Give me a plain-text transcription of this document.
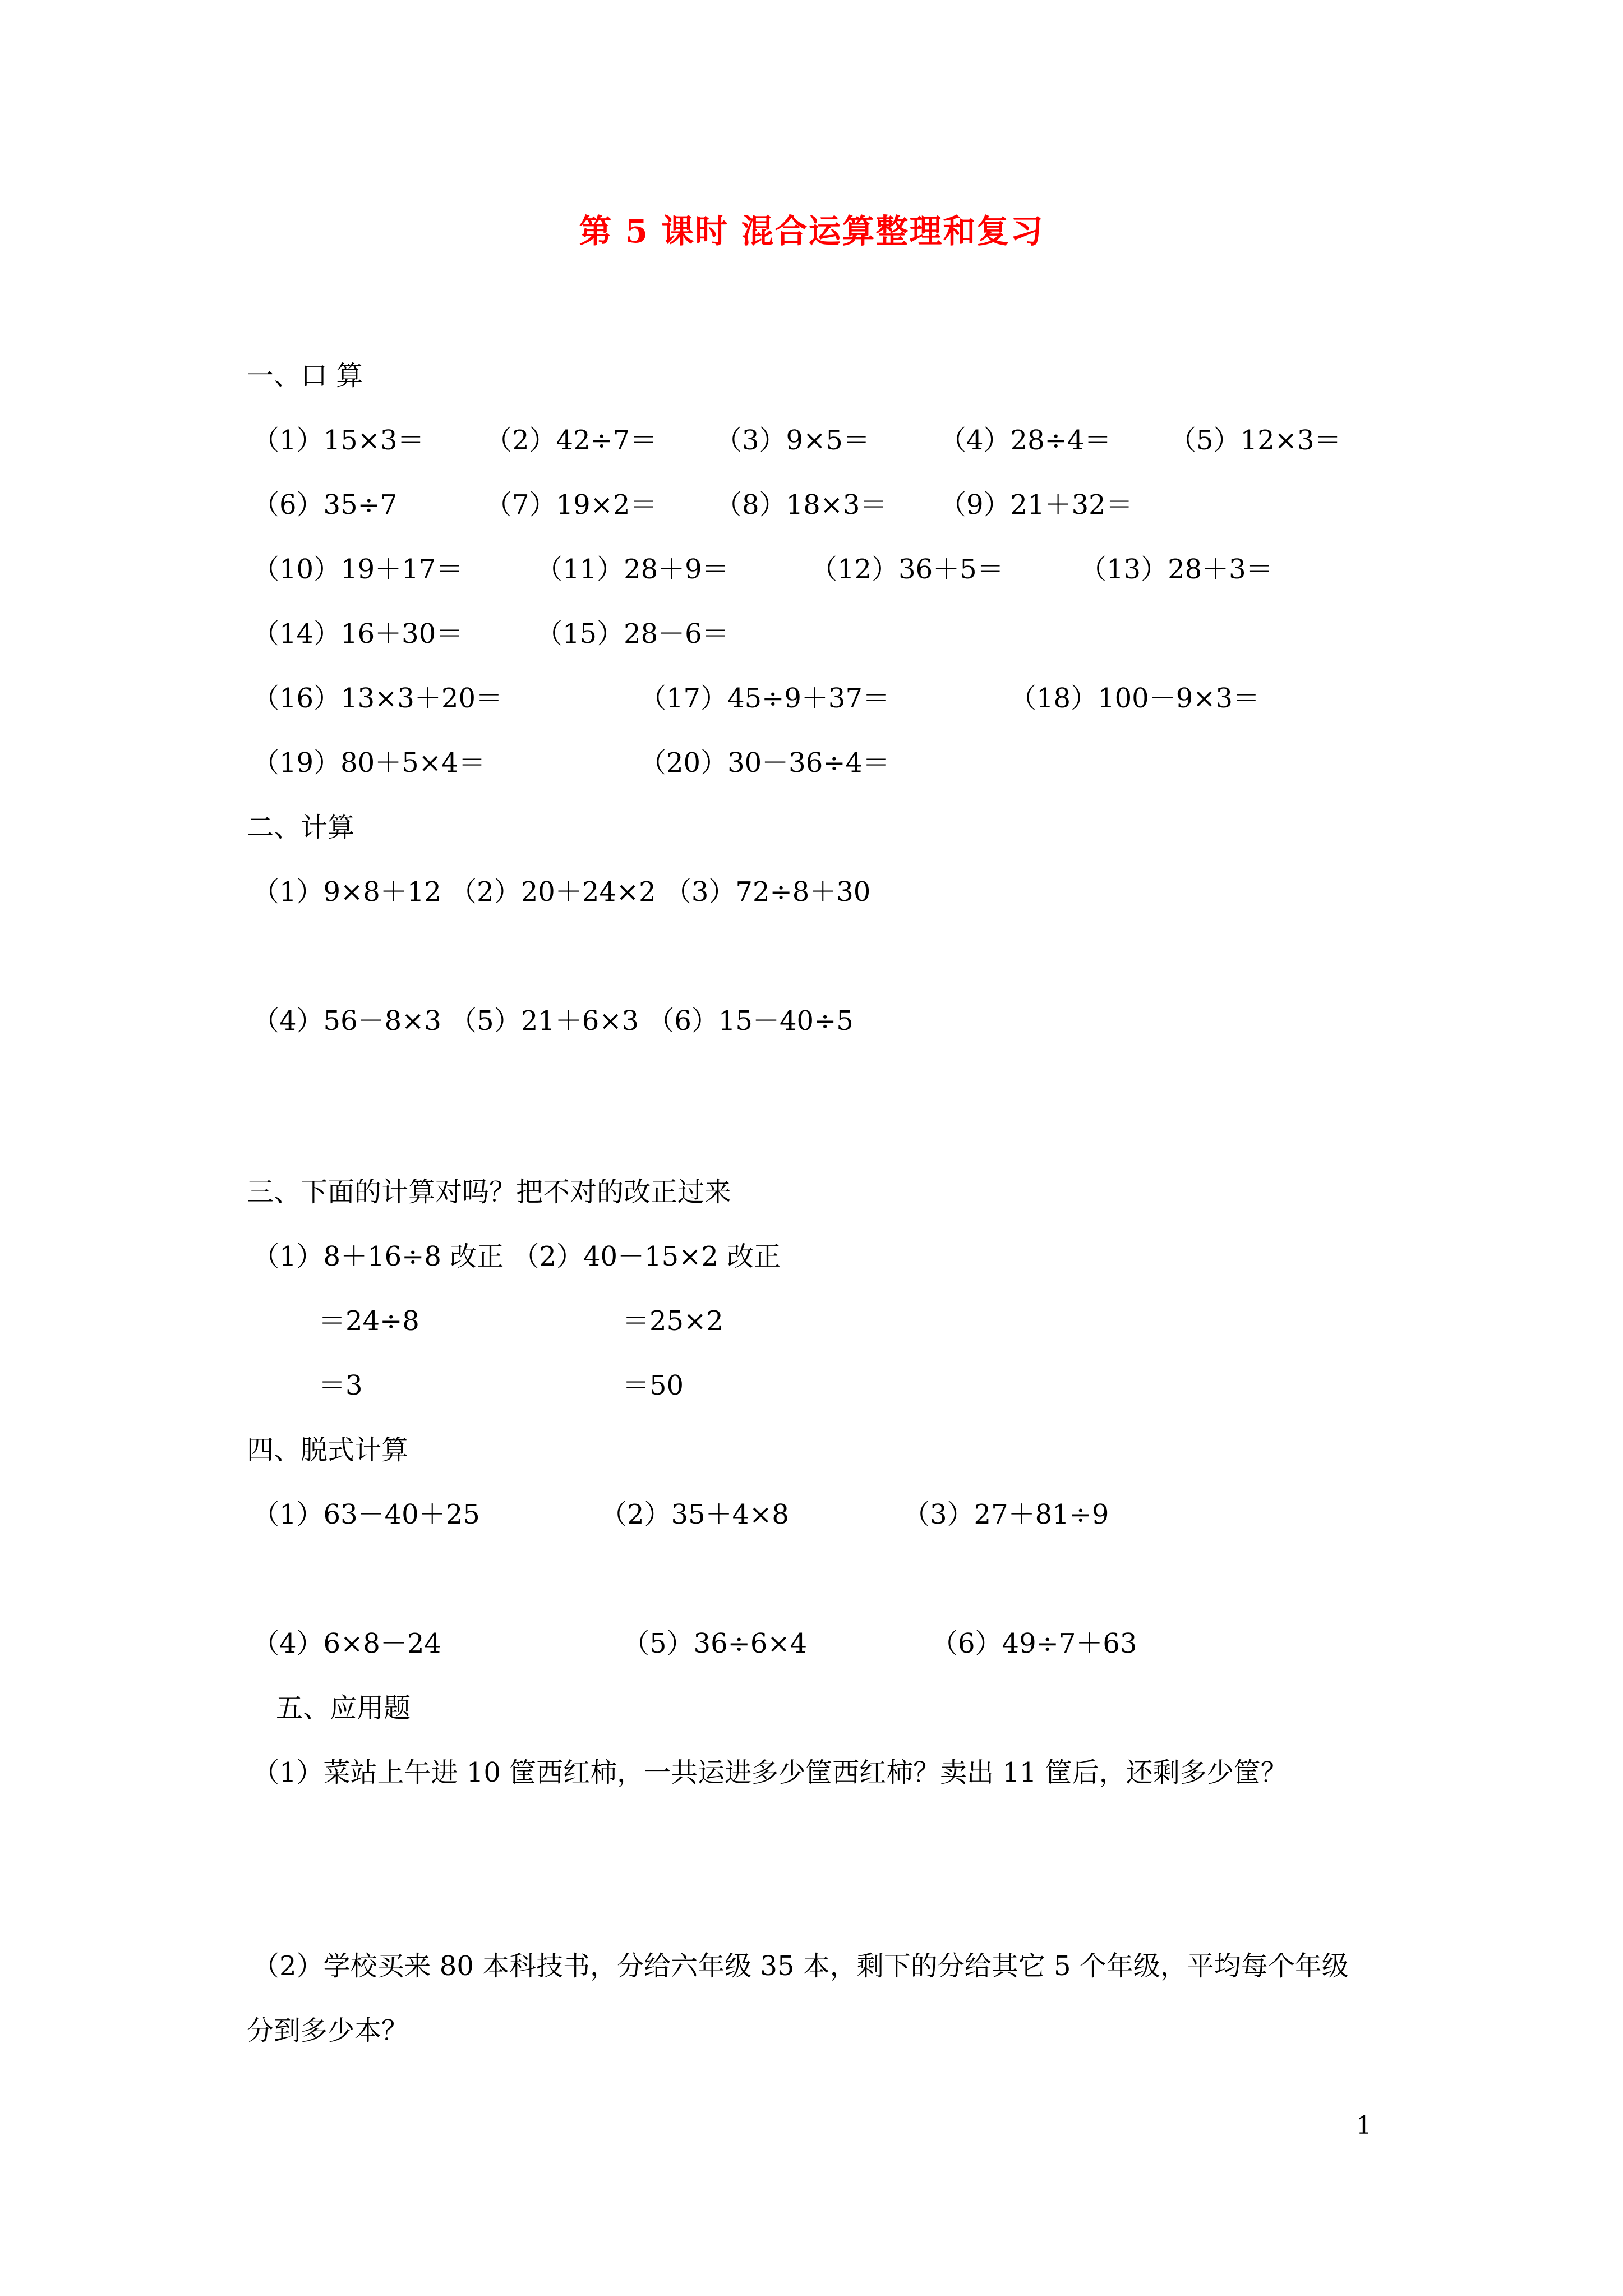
第 5 课时 混合运算整理和复习
一、口 算
（1）15×3＝ （2）42÷7＝ （3）9×5＝	（4）28÷4＝ （5）12×3＝
（6）35÷7	（7）19×2＝ （8）18×3＝ （9）21＋32＝
（10）19＋17＝	（11）28＋9＝	（12）36＋5＝	（13）28＋3＝
（14）16＋30＝	（15）28－6＝
（16）13×3＋20＝	（17）45÷9＋37＝	（18）100－9×3＝
（19）80＋5×4＝	（20）30－36÷4＝
二、计算
（1）9×8＋12 （2）20＋24×2 （3）72÷8＋30
（4）56－8×3 （5）21＋6×3 （6）15－40÷5
三、下面的计算对吗？把不对的改正过来
（1）8＋16÷8 改正 （2）40－15×2 改正
＝24÷8	＝25×2
＝3	＝50
四、脱式计算
（1）63－40＋25	（2）35＋4×8	（3）27＋81÷9
（4）6×8－24	（5）36÷6×4	（6）49÷7＋63
五、应用题
（1）菜站上午进 10 筐西红柿，一共运进多少筐西红柿？卖出 11 筐后，还剩多少筐？
（2）学校买来 80 本科技书，分给六年级 35 本，剩下的分给其它 5 个年级，平均每个年级
分到多少本？
1
